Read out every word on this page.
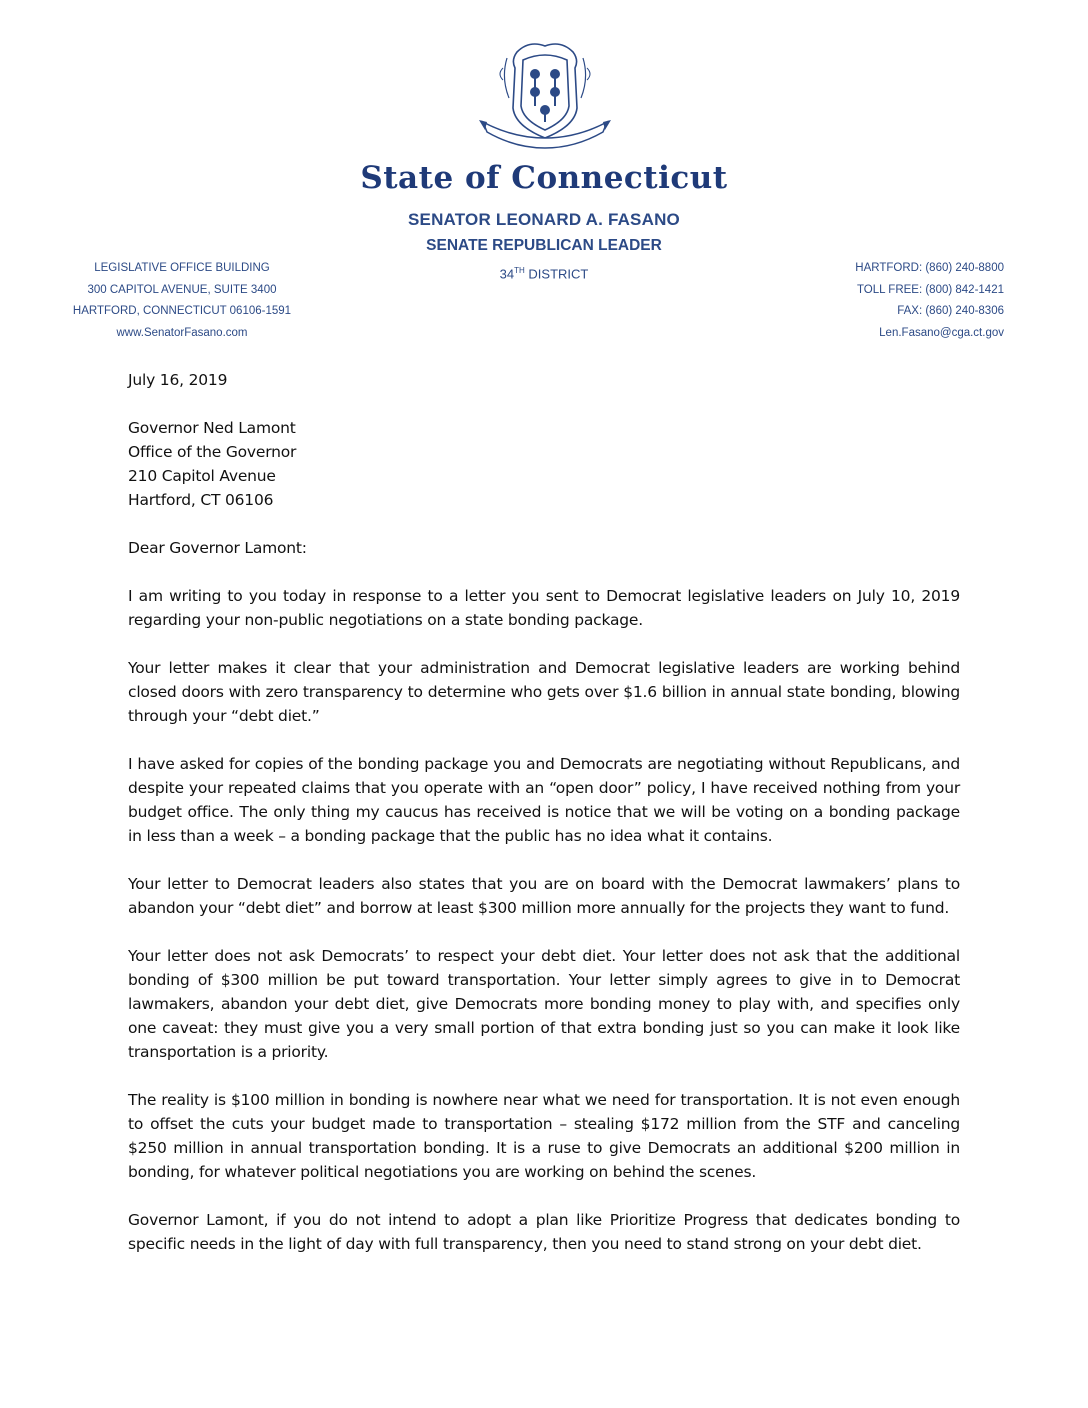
State of Connecticut
SENATOR LEONARD A. FASANO
SENATE REPUBLICAN LEADER
34TH DISTRICT
LEGISLATIVE OFFICE BUILDING
300 CAPITOL AVENUE, SUITE 3400
HARTFORD, CONNECTICUT 06106-1591
www.SenatorFasano.com
HARTFORD: (860) 240-8800
TOLL FREE: (800) 842-1421
FAX: (860) 240-8306
Len.Fasano@cga.ct.gov

July 16, 2019

Governor Ned Lamont
Office of the Governor
210 Capitol Avenue
Hartford, CT 06106

Dear Governor Lamont:

I am writing to you today in response to a letter you sent to Democrat legislative leaders on July 10, 2019 regarding your non-public negotiations on a state bonding package.

Your letter makes it clear that your administration and Democrat legislative leaders are working behind closed doors with zero transparency to determine who gets over $1.6 billion in annual state bonding, blowing through your “debt diet.”

I have asked for copies of the bonding package you and Democrats are negotiating without Republicans, and despite your repeated claims that you operate with an “open door” policy, I have received nothing from your budget office. The only thing my caucus has received is notice that we will be voting on a bonding package in less than a week – a bonding package that the public has no idea what it contains.

Your letter to Democrat leaders also states that you are on board with the Democrat lawmakers’ plans to abandon your “debt diet” and borrow at least $300 million more annually for the projects they want to fund.

Your letter does not ask Democrats’ to respect your debt diet. Your letter does not ask that the additional bonding of $300 million be put toward transportation. Your letter simply agrees to give in to Democrat lawmakers, abandon your debt diet, give Democrats more bonding money to play with, and specifies only one caveat: they must give you a very small portion of that extra bonding just so you can make it look like transportation is a priority.

The reality is $100 million in bonding is nowhere near what we need for transportation. It is not even enough to offset the cuts your budget made to transportation – stealing $172 million from the STF and canceling $250 million in annual transportation bonding. It is a ruse to give Democrats an additional $200 million in bonding, for whatever political negotiations you are working on behind the scenes.

Governor Lamont, if you do not intend to adopt a plan like Prioritize Progress that dedicates bonding to specific needs in the light of day with full transparency, then you need to stand strong on your debt diet.
